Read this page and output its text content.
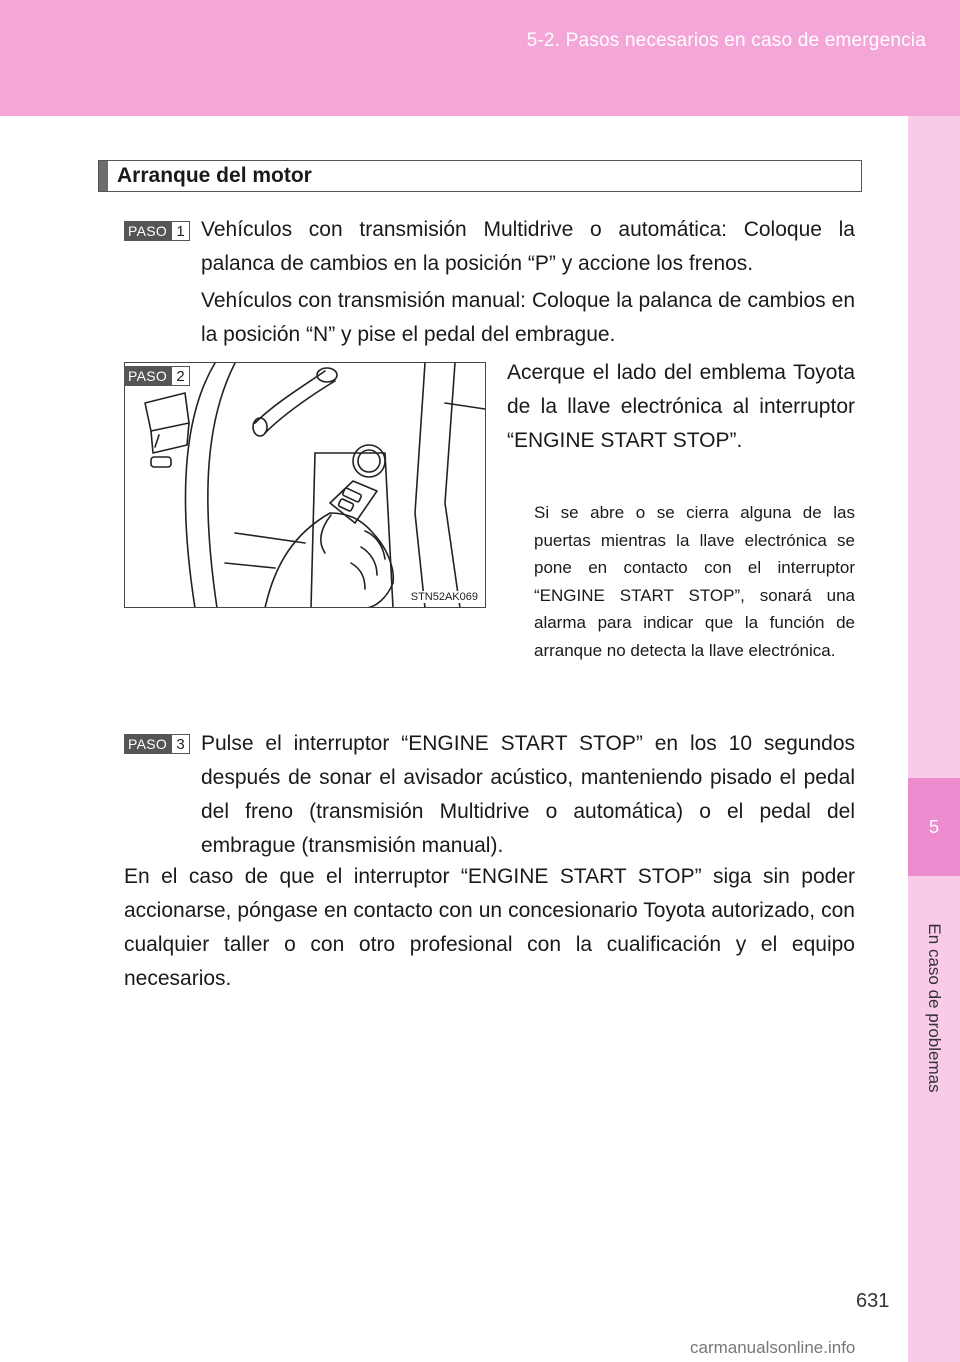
5-2. Pasos necesarios en caso de emergencia
5
En caso de problemas
Arranque del motor
PASO 1 Vehículos con transmisión Multidrive o automática: Coloque la palanca de cambios en la posición “P” y accione los frenos.
Vehículos con transmisión manual: Coloque la palanca de cambios en la posición “N” y pise el pedal del embrague.
STN52AK069
PASO 2	Acerque el lado del emblema Toyota de la llave electrónica al interruptor “ENGINE START STOP”.
Si se abre o se cierra alguna de las puertas mientras la llave electrónica se pone en contacto con el interruptor “ENGINE START STOP”, sonará una alarma para indicar que la función de arranque no detecta la llave electrónica.
PASO 3 Pulse el interruptor “ENGINE START STOP” en los 10 segundos después de sonar el avisador acústico, manteniendo pisado el pedal del freno (transmisión Multidrive o automática) o el pedal del embrague (transmisión manual).
En el caso de que el interruptor “ENGINE START STOP” siga sin poder accionarse, póngase en contacto con un concesionario Toyota autorizado, con cualquier taller o con otro profesional con la cualificación y el equipo necesarios.
631
carmanualsonline.info
